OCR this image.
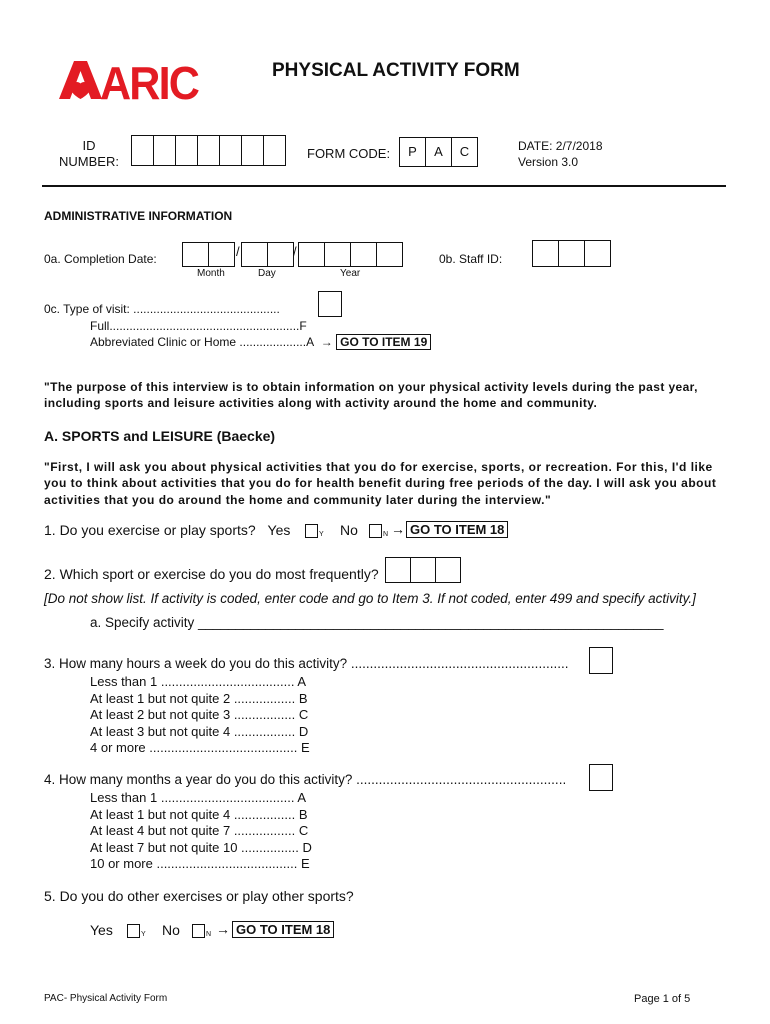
ARIC	PHYSICAL ACTIVITY FORM
ID
NUMBER:
FORM CODE:	P	A	C	DATE: 2/7/2018
Version 3.0
ADMINISTRATIVE INFORMATION
0a. Completion Date:	/	/
Month	Day	Year
0b. Staff ID:
0c. Type of visit: ............................................
Full.........................................................F
Abbreviated Clinic or Home ....................A → GO TO ITEM 19
"The purpose of this interview is to obtain information on your physical activity levels during the past year, including sports and leisure activities along with activity around the home and community.
A. SPORTS and LEISURE (Baecke)
"First, I will ask you about physical activities that you do for exercise, sports, or recreation. For this, I'd like you to think about activities that you do for health benefit during free periods of the day. I will ask you about activities that you do around the home and community later during the interview."
1. Do you exercise or play sports? Yes	Y No	N → GO TO ITEM 18
2. Which sport or exercise do you do most frequently?
[Do not show list. If activity is coded, enter code and go to Item 3. If not coded, enter 499 and specify activity.]
a. Specify activity ______________________________________________________________
3. How many hours a week do you do this activity? ..........................................................
Less than 1 ..................................... A
At least 1 but not quite 2 ................. B
At least 2 but not quite 3 ................. C
At least 3 but not quite 4 ................. D
4 or more ......................................... E
4. How many months a year do you do this activity? ........................................................
Less than 1 ..................................... A
At least 1 but not quite 4 ................. B
At least 4 but not quite 7 ................. C
At least 7 but not quite 10 ................ D
10 or more ....................................... E
5. Do you do other exercises or play other sports?
Yes	Y No	N → GO TO ITEM 18
PAC- Physical Activity Form	Page 1 of 5
